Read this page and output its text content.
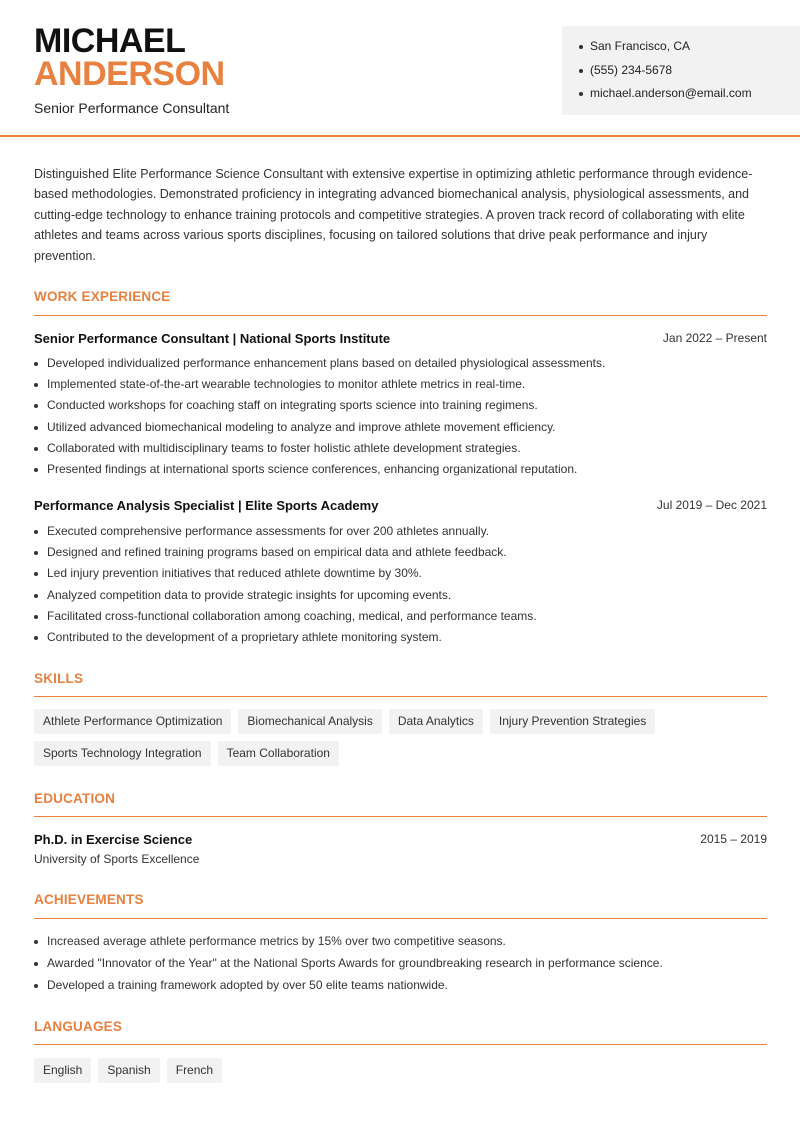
MICHAEL
ANDERSON
Senior Performance Consultant
San Francisco, CA
(555) 234-5678
michael.anderson@email.com
Distinguished Elite Performance Science Consultant with extensive expertise in optimizing athletic performance through evidence-based methodologies. Demonstrated proficiency in integrating advanced biomechanical analysis, physiological assessments, and cutting-edge technology to enhance training protocols and competitive strategies. A proven track record of collaborating with elite athletes and teams across various sports disciplines, focusing on tailored solutions that drive peak performance and injury prevention.
WORK EXPERIENCE
Senior Performance Consultant | National Sports Institute	Jan 2022 – Present
Developed individualized performance enhancement plans based on detailed physiological assessments.
Implemented state-of-the-art wearable technologies to monitor athlete metrics in real-time.
Conducted workshops for coaching staff on integrating sports science into training regimens.
Utilized advanced biomechanical modeling to analyze and improve athlete movement efficiency.
Collaborated with multidisciplinary teams to foster holistic athlete development strategies.
Presented findings at international sports science conferences, enhancing organizational reputation.
Performance Analysis Specialist | Elite Sports Academy	Jul 2019 – Dec 2021
Executed comprehensive performance assessments for over 200 athletes annually.
Designed and refined training programs based on empirical data and athlete feedback.
Led injury prevention initiatives that reduced athlete downtime by 30%.
Analyzed competition data to provide strategic insights for upcoming events.
Facilitated cross-functional collaboration among coaching, medical, and performance teams.
Contributed to the development of a proprietary athlete monitoring system.
SKILLS
Athlete Performance Optimization	Biomechanical Analysis	Data Analytics	Injury Prevention Strategies
Sports Technology Integration	Team Collaboration
EDUCATION
Ph.D. in Exercise Science	2015 – 2019
University of Sports Excellence
ACHIEVEMENTS
Increased average athlete performance metrics by 15% over two competitive seasons.
Awarded "Innovator of the Year" at the National Sports Awards for groundbreaking research in performance science.
Developed a training framework adopted by over 50 elite teams nationwide.
LANGUAGES
English	Spanish	French
